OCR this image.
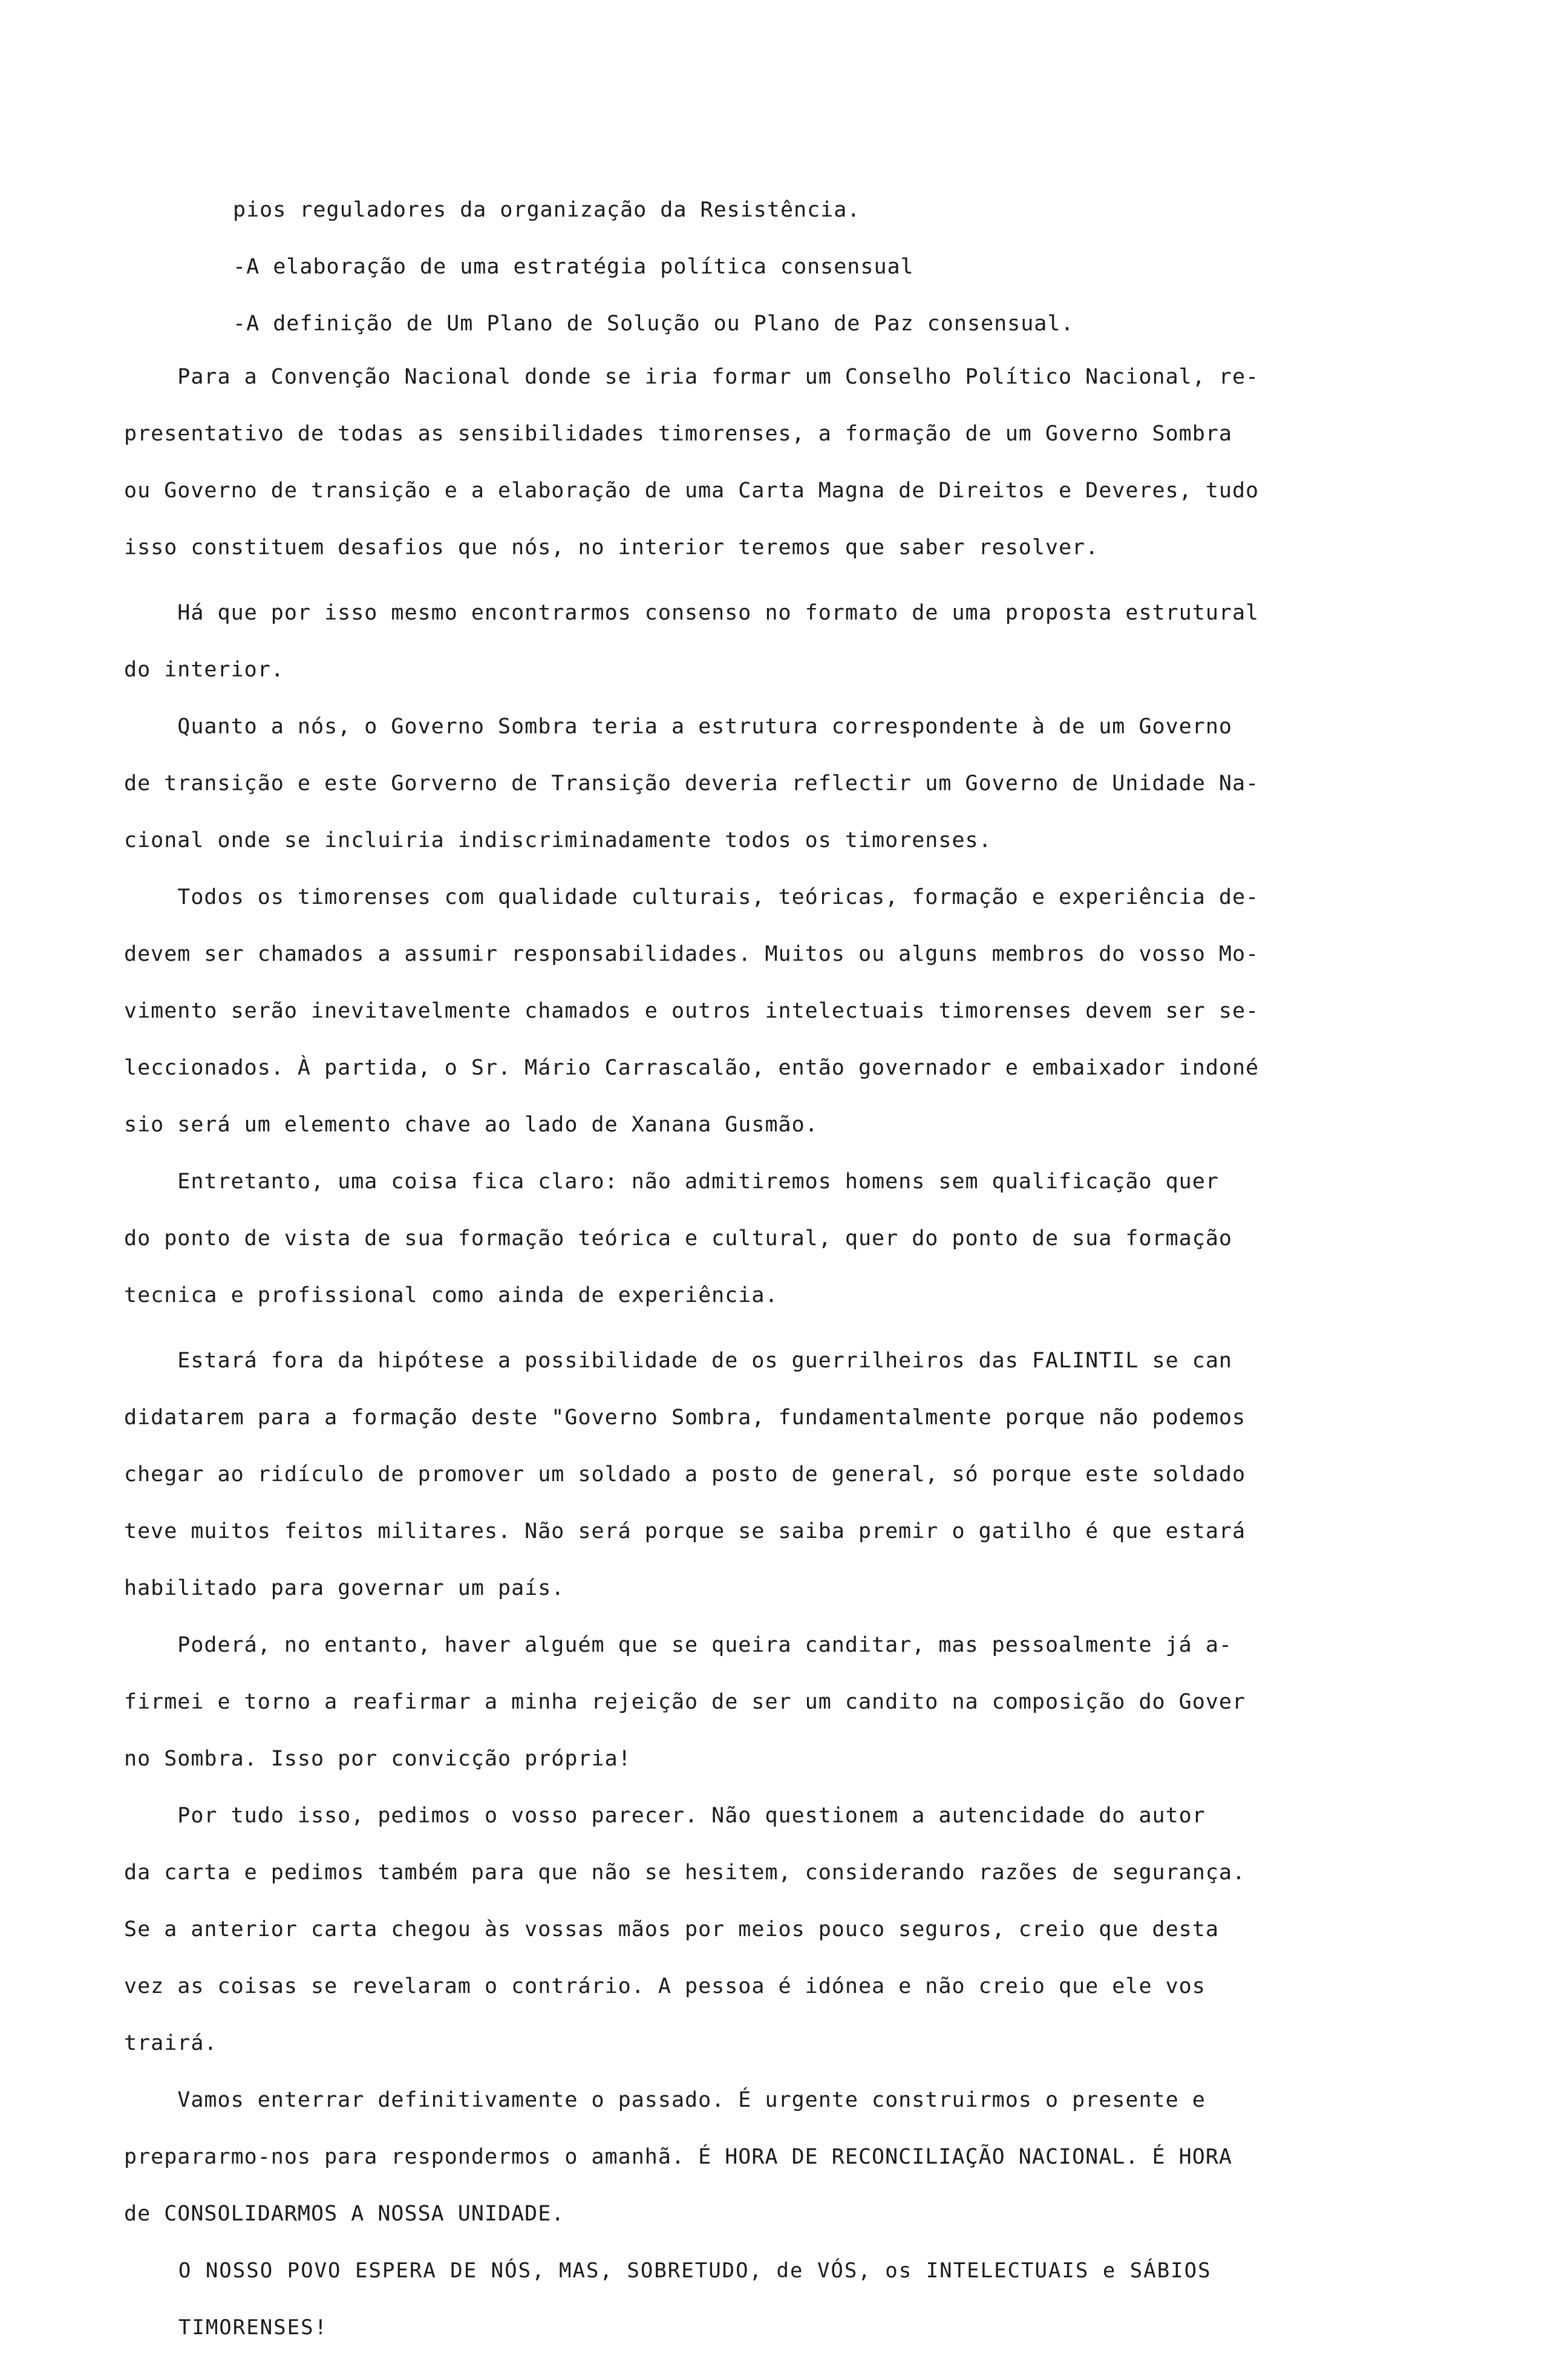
pios reguladores da organização da Resistência.

-A elaboração de uma estratégia política consensual

-A definição de Um Plano de Solução ou Plano de Paz consensual.

Para a Convenção Nacional donde se iria formar um Conselho Político Nacional, re-

presentativo de todas as sensibilidades timorenses, a formação de um Governo Sombra

ou Governo de transição e a elaboração de uma Carta Magna de Direitos e Deveres, tudo

isso constituem desafios que nós, no interior teremos que saber resolver.

Há que por isso mesmo encontrarmos consenso no formato de uma proposta estrutural

do interior.

Quanto a nós, o Governo Sombra teria a estrutura correspondente à de um Governo

de transição e este Gorverno de Transição deveria reflectir um Governo de Unidade Na-

cional onde se incluiria indiscriminadamente todos os timorenses.

Todos os timorenses com qualidade culturais, teóricas, formação e experiência de-

devem ser chamados a assumir responsabilidades. Muitos ou alguns membros do vosso Mo-

vimento serão inevitavelmente chamados e outros intelectuais timorenses devem ser se-

leccionados. À partida, o Sr. Mário Carrascalão, então governador e embaixador indoné

sio será um elemento chave ao lado de Xanana Gusmão.

Entretanto, uma coisa fica claro: não admitiremos homens sem qualificação quer

do ponto de vista de sua formação teórica e cultural, quer do ponto de sua formação

tecnica e profissional como ainda de experiência.

Estará fora da hipótese a possibilidade de os guerrilheiros das FALINTIL se can

didatarem para a formação deste "Governo Sombra, fundamentalmente porque não podemos

chegar ao ridículo de promover um soldado a posto de general, só porque este soldado

teve muitos feitos militares. Não será porque se saiba premir o gatilho é que estará

habilitado para governar um país.

Poderá, no entanto, haver alguém que se queira canditar, mas pessoalmente já a-

firmei e torno a reafirmar a minha rejeição de ser um candito na composição do Gover

no Sombra. Isso por convicção própria!

Por tudo isso, pedimos o vosso parecer. Não questionem a autencidade do autor

da carta e pedimos também para que não se hesitem, considerando razões de segurança.

Se a anterior carta chegou às vossas mãos por meios pouco seguros, creio que desta

vez as coisas se revelaram o contrário. A pessoa é idónea e não creio que ele vos

trairá.

Vamos enterrar definitivamente o passado. É urgente construirmos o presente e

prepararmo-nos para respondermos o amanhã. É HORA DE RECONCILIAÇÃO NACIONAL. É HORA

de CONSOLIDARMOS A NOSSA UNIDADE.

O NOSSO POVO ESPERA DE NÓS, MAS, SOBRETUDO, de VÓS, os INTELECTUAIS e SÁBIOS

TIMORENSES!
